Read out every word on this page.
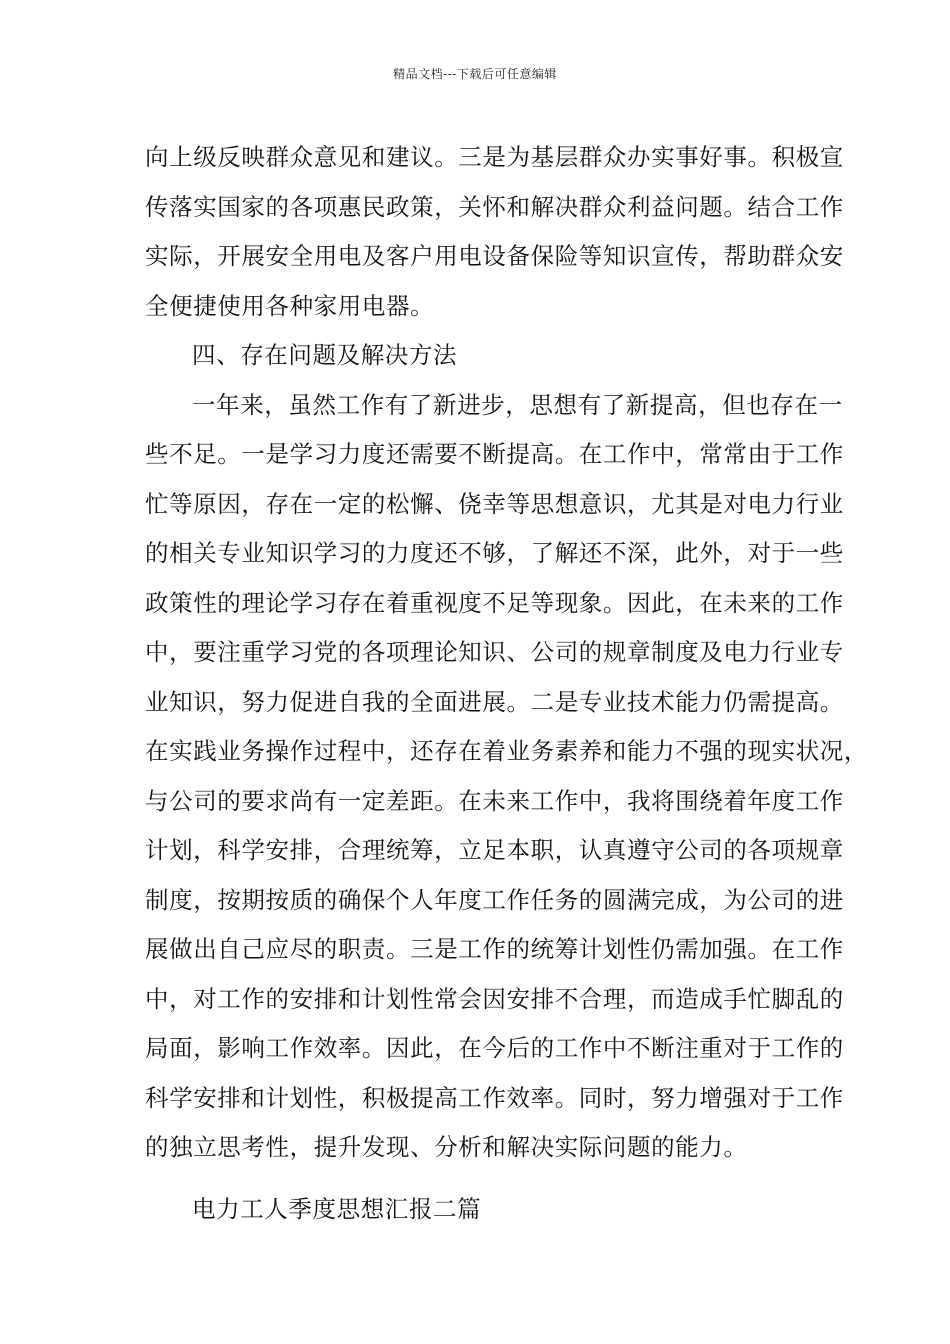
精品文档---下载后可任意编辑
向上级反映群众意见和建议。三是为基层群众办实事好事。积极宣
传落实国家的各项惠民政策，关怀和解决群众利益问题。结合工作
实际，开展安全用电及客户用电设备保险等知识宣传，帮助群众安
全便捷使用各种家用电器。
四、存在问题及解决方法
一年来，虽然工作有了新进步，思想有了新提高，但也存在一
些不足。一是学习力度还需要不断提高。在工作中，常常由于工作
忙等原因，存在一定的松懈、侥幸等思想意识，尤其是对电力行业
的相关专业知识学习的力度还不够，了解还不深，此外，对于一些
政策性的理论学习存在着重视度不足等现象。因此，在未来的工作
中，要注重学习党的各项理论知识、公司的规章制度及电力行业专
业知识，努力促进自我的全面进展。二是专业技术能力仍需提高。
在实践业务操作过程中，还存在着业务素养和能力不强的现实状况，
与公司的要求尚有一定差距。在未来工作中，我将围绕着年度工作
计划，科学安排，合理统筹，立足本职，认真遵守公司的各项规章
制度，按期按质的确保个人年度工作任务的圆满完成，为公司的进
展做出自己应尽的职责。三是工作的统筹计划性仍需加强。在工作
中，对工作的安排和计划性常会因安排不合理，而造成手忙脚乱的
局面，影响工作效率。因此，在今后的工作中不断注重对于工作的
科学安排和计划性，积极提高工作效率。同时，努力增强对于工作
的独立思考性，提升发现、分析和解决实际问题的能力。
电力工人季度思想汇报二篇
